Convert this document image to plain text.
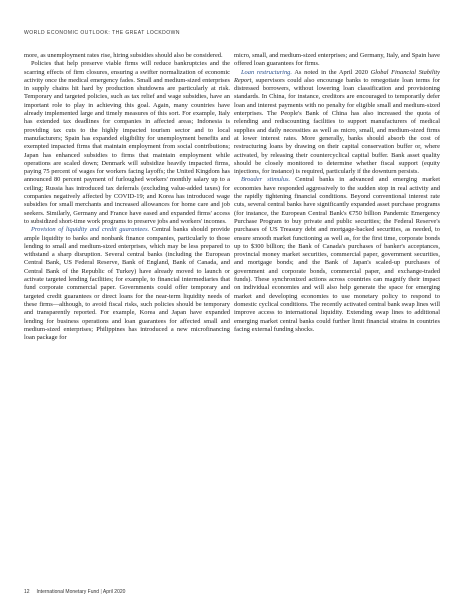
WORLD ECONOMIC OUTLOOK: THE GREAT LOCKDOWN

more, as unemployment rates rise, hiring subsidies should also be considered.

Policies that help preserve viable firms will reduce bankruptcies and the scarring effects of firm closures, ensuring a swifter normalization of economic activity once the medical emergency fades. Small and medium-sized enterprises in supply chains hit hard by production shutdowns are particularly at risk. Temporary and targeted policies, such as tax relief and wage subsidies, have an important role to play in achieving this goal. Again, many countries have already implemented large and timely measures of this sort. For example, Italy has extended tax deadlines for companies in affected areas; Indonesia is providing tax cuts to the highly impacted tourism sector and to local manufacturers; Spain has expanded eligibility for unemployment benefits and exempted impacted firms that maintain employment from social contributions; Japan has enhanced subsidies to firms that maintain employment while operations are scaled down; Denmark will subsidize heavily impacted firms, paying 75 percent of wages for workers facing layoffs; the United Kingdom has announced 80 percent payment of furloughed workers' monthly salary up to a ceiling; Russia has introduced tax deferrals (excluding value-added taxes) for companies negatively affected by COVID-19; and Korea has introduced wage subsidies for small merchants and increased allowances for home care and job seekers. Similarly, Germany and France have eased and expanded firms' access to subsidized short-time work programs to preserve jobs and workers' incomes.

Provision of liquidity and credit guarantees. Central banks should provide ample liquidity to banks and nonbank finance companies, particularly to those lending to small and medium-sized enterprises, which may be less prepared to withstand a sharp disruption. Several central banks (including the European Central Bank, US Federal Reserve, Bank of England, Bank of Canada, and Central Bank of the Republic of Turkey) have already moved to launch or activate targeted lending facilities; for example, to financial intermediaries that fund corporate commercial paper. Governments could offer temporary and targeted credit guarantees or direct loans for the near-term liquidity needs of these firms—although, to avoid fiscal risks, such policies should be temporary and transparently reported. For example, Korea and Japan have expanded lending for business operations and loan guarantees for affected small and medium-sized enterprises; Philippines has introduced a new microfinancing loan package for

micro, small, and medium-sized enterprises; and Germany, Italy, and Spain have offered loan guarantees for firms.

Loan restructuring. As noted in the April 2020 Global Financial Stability Report, supervisors could also encourage banks to renegotiate loan terms for distressed borrowers, without lowering loan classification and provisioning standards. In China, for instance, creditors are encouraged to temporarily defer loan and interest payments with no penalty for eligible small and medium-sized enterprises. The People's Bank of China has also increased the quota of relending and rediscounting facilities to support manufacturers of medical supplies and daily necessities as well as micro, small, and medium-sized firms at lower interest rates. More generally, banks should absorb the cost of restructuring loans by drawing on their capital conservation buffer or, where activated, by releasing their countercyclical capital buffer. Bank asset quality should be closely monitored to determine whether fiscal support (equity injections, for instance) is required, particularly if the downturn persists.

Broader stimulus. Central banks in advanced and emerging market economies have responded aggressively to the sudden stop in real activity and the rapidly tightening financial conditions. Beyond conventional interest rate cuts, several central banks have significantly expanded asset purchase programs (for instance, the European Central Bank's €750 billion Pandemic Emergency Purchase Program to buy private and public securities; the Federal Reserve's purchases of US Treasury debt and mortgage-backed securities, as needed, to ensure smooth market functioning as well as, for the first time, corporate bonds up to $300 billion; the Bank of Canada's purchases of banker's acceptances, provincial money market securities, commercial paper, government securities, and mortgage bonds; and the Bank of Japan's scaled-up purchases of government and corporate bonds, commercial paper, and exchange-traded funds). These synchronized actions across countries can magnify their impact on individual economies and will also help generate the space for emerging market and developing economies to use monetary policy to respond to domestic cyclical conditions. The recently activated central bank swap lines will improve access to international liquidity. Extending swap lines to additional emerging market central banks could further limit financial strains in countries facing external funding shocks.

12 International Monetary Fund | April 2020
